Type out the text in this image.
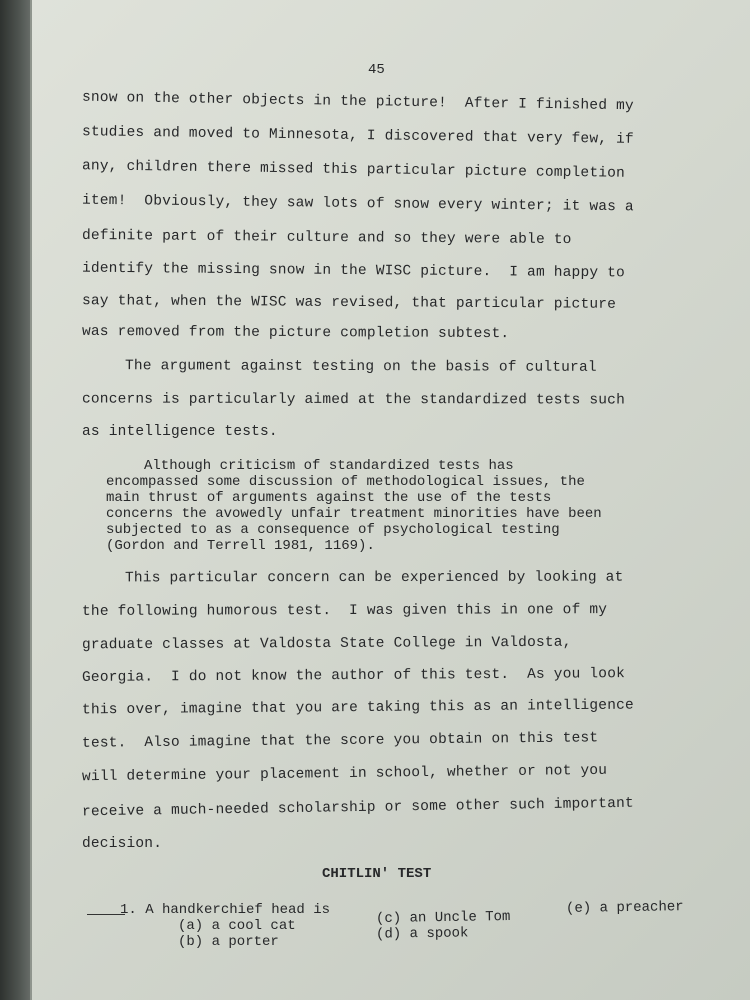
45
snow on the other objects in the picture!  After I finished my
studies and moved to Minnesota, I discovered that very few, if
any, children there missed this particular picture completion
item!  Obviously, they saw lots of snow every winter; it was a
definite part of their culture and so they were able to
identify the missing snow in the WISC picture.  I am happy to
say that, when the WISC was revised, that particular picture
was removed from the picture completion subtest.
The argument against testing on the basis of cultural
concerns is particularly aimed at the standardized tests such
as intelligence tests.
Although criticism of standardized tests has
encompassed some discussion of methodological issues, the
main thrust of arguments against the use of the tests
concerns the avowedly unfair treatment minorities have been
subjected to as a consequence of psychological testing
(Gordon and Terrell 1981, 1169).
This particular concern can be experienced by looking at
the following humorous test.  I was given this in one of my
graduate classes at Valdosta State College in Valdosta,
Georgia.  I do not know the author of this test.  As you look
this over, imagine that you are taking this as an intelligence
test.  Also imagine that the score you obtain on this test
will determine your placement in school, whether or not you
receive a much-needed scholarship or some other such important
decision.
CHITLIN' TEST
1. A handkerchief head is
(a) a cool cat
(b) a porter
(c) an Uncle Tom
(d) a spook
(e) a preacher
